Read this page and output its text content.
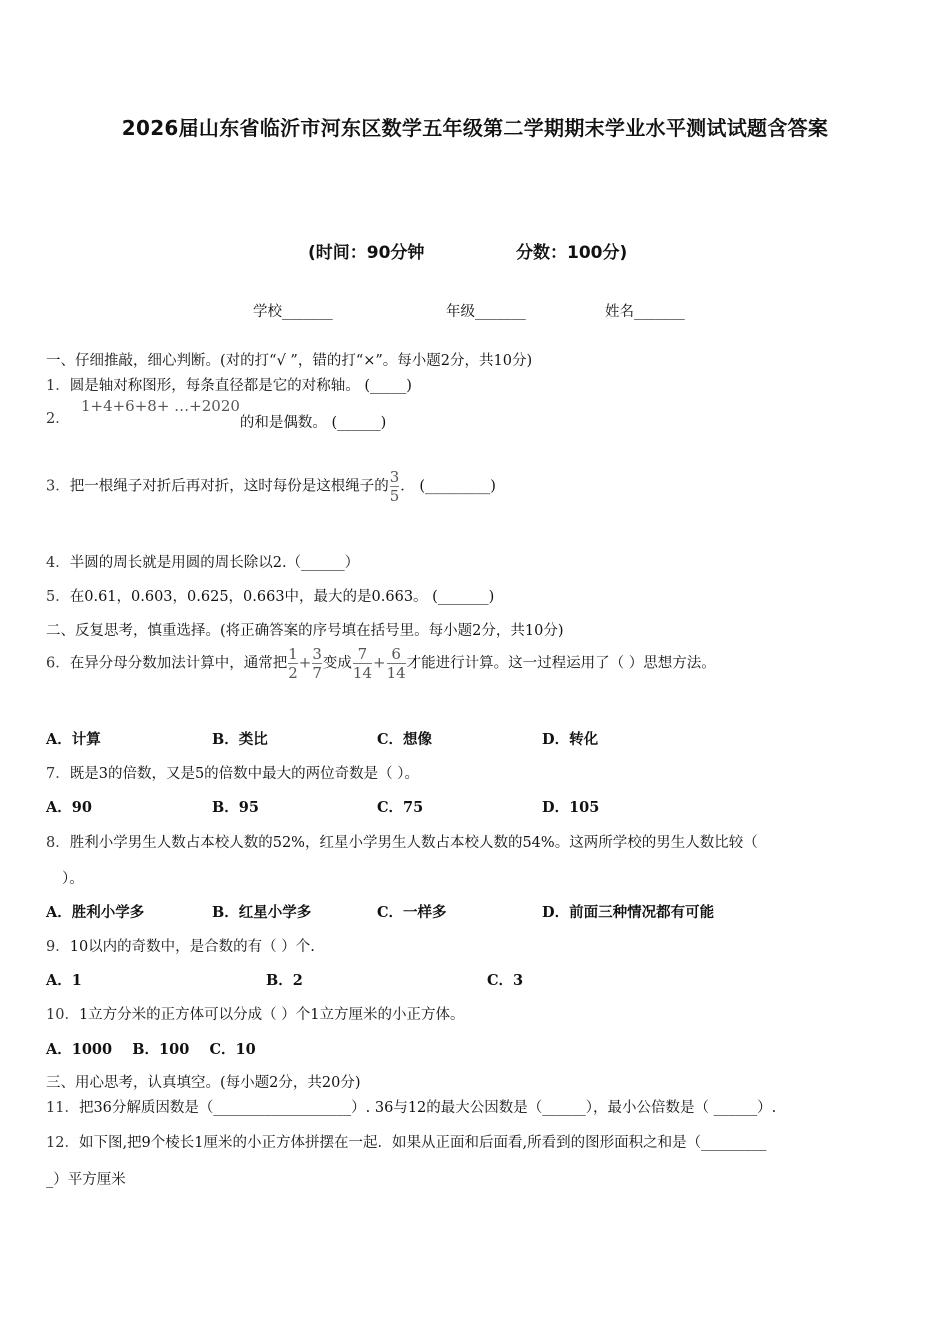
2026届山东省临沂市河东区数学五年级第二学期期末学业水平测试试题含答案
(时间：90分钟	分数：100分)
学校_______	年级_______	姓名_______
一、仔细推敲，细心判断。(对的打“√ ”，错的打“×”。每小题2分，共10分)
1．圆是轴对称图形，每条直径都是它的对称轴。 (_____)
2．  1+4+6+8+ …+2020的和是偶数。 (______)
3．把一根绳子对折后再对折，这时每份是这根绳子的 $\frac{3}{5}$ ． (_________)
4．半圆的周长就是用圆的周长除以2.（______）
5．在0.61，0.603，0.625，0.663中，最大的是0.663。 (_______)
二、反复思考，慎重选择。(将正确答案的序号填在括号里。每小题2分，共10分)
6．在异分母分数加法计算中，通常把 $\frac{1}{2} + \frac{3}{7}$ 变成 $\frac{7}{14} + \frac{6}{14}$ 才能进行计算。这一过程运用了（ ）思想方法。
A．计算	B．类比	C．想像	D．转化
7．既是3的倍数，又是5的倍数中最大的两位奇数是（ ）。
A．90	B．95	C．75	D．105
8．胜利小学男生人数占本校人数的52%，红星小学男生人数占本校人数的54%。这两所学校的男生人数比较（
）。
A．胜利小学多	B．红星小学多	C．一样多	D．前面三种情况都有可能
9．10以内的奇数中，是合数的有（ ）个.
A．1	B．2	C．3
10．1立方分米的正方体可以分成（ ）个1立方厘米的小正方体。
A．1000    B．100    C．10
三、用心思考，认真填空。(每小题2分，共20分)
11．把36分解质因数是（___________________）. 36与12的最大公因数是（______），最小公倍数是（ ______）.
12．如下图,把9个棱长1厘米的小正方体拼摆在一起．如果从正面和后面看,所看到的图形面积之和是（_________
_）平方厘米
